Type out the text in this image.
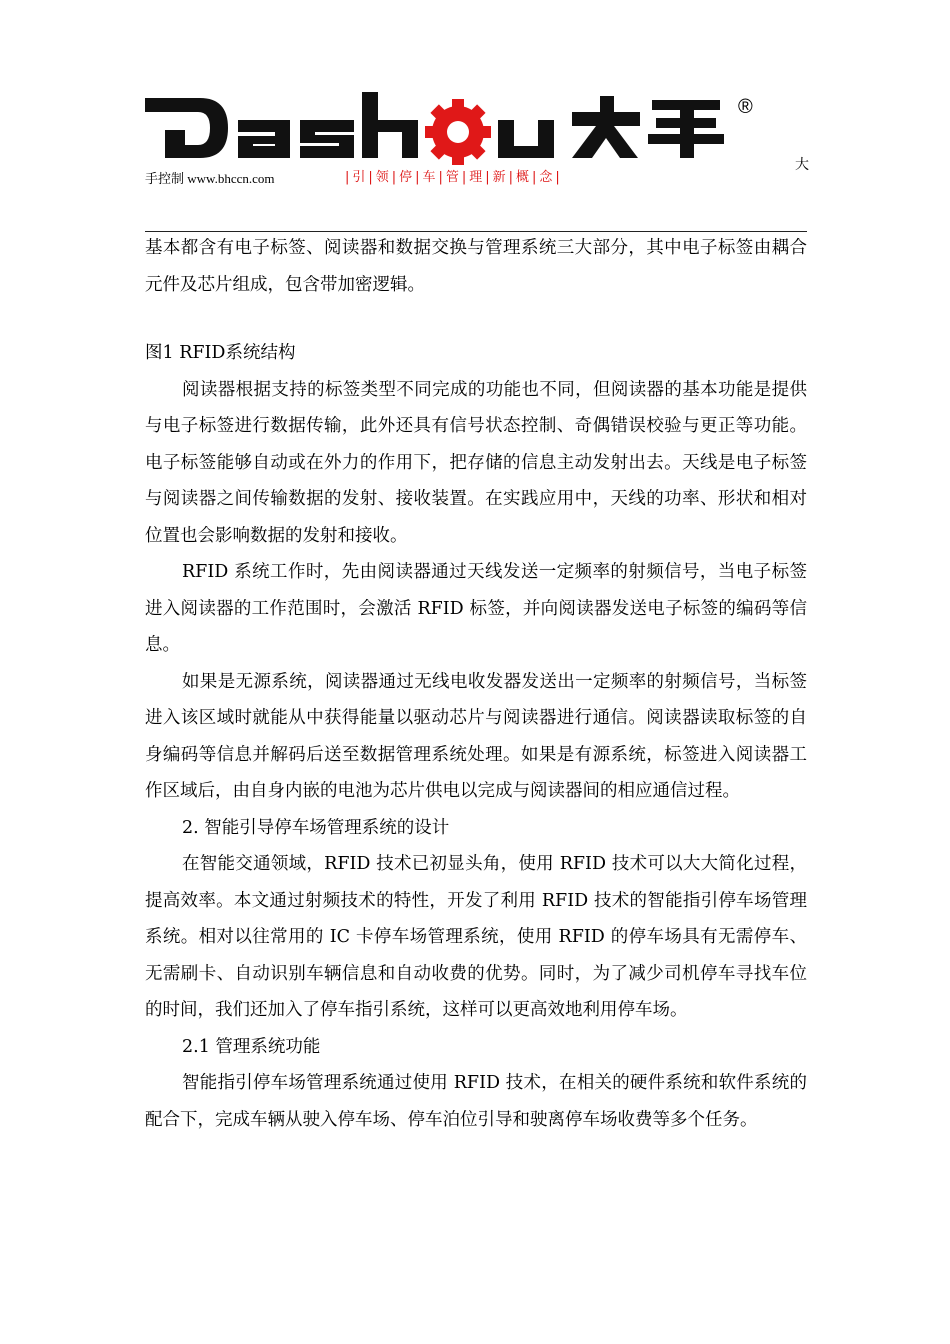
®
手控制 www.bhccn.com	|引|领|停|车|管|理|新|概|念|
大

基本都含有电子标签、阅读器和数据交换与管理系统三大部分，其中电子标签由耦合元件及芯片组成，包含带加密逻辑。

图1 RFID系统结构

阅读器根据支持的标签类型不同完成的功能也不同，但阅读器的基本功能是提供与电子标签进行数据传输，此外还具有信号状态控制、奇偶错误校验与更正等功能。电子标签能够自动或在外力的作用下，把存储的信息主动发射出去。天线是电子标签与阅读器之间传输数据的发射、接收装置。在实践应用中，天线的功率、形状和相对位置也会影响数据的发射和接收。

RFID 系统工作时，先由阅读器通过天线发送一定频率的射频信号，当电子标签进入阅读器的工作范围时，会激活 RFID 标签，并向阅读器发送电子标签的编码等信息。

如果是无源系统，阅读器通过无线电收发器发送出一定频率的射频信号，当标签进入该区域时就能从中获得能量以驱动芯片与阅读器进行通信。阅读器读取标签的自身编码等信息并解码后送至数据管理系统处理。如果是有源系统，标签进入阅读器工作区域后，由自身内嵌的电池为芯片供电以完成与阅读器间的相应通信过程。

2. 智能引导停车场管理系统的设计

在智能交通领域，RFID 技术已初显头角，使用 RFID 技术可以大大简化过程，提高效率。本文通过射频技术的特性，开发了利用 RFID 技术的智能指引停车场管理系统。相对以往常用的 IC 卡停车场管理系统，使用 RFID 的停车场具有无需停车、无需刷卡、自动识别车辆信息和自动收费的优势。同时，为了减少司机停车寻找车位的时间，我们还加入了停车指引系统，这样可以更高效地利用停车场。

2.1 管理系统功能

智能指引停车场管理系统通过使用 RFID 技术，在相关的硬件系统和软件系统的配合下，完成车辆从驶入停车场、停车泊位引导和驶离停车场收费等多个任务。
